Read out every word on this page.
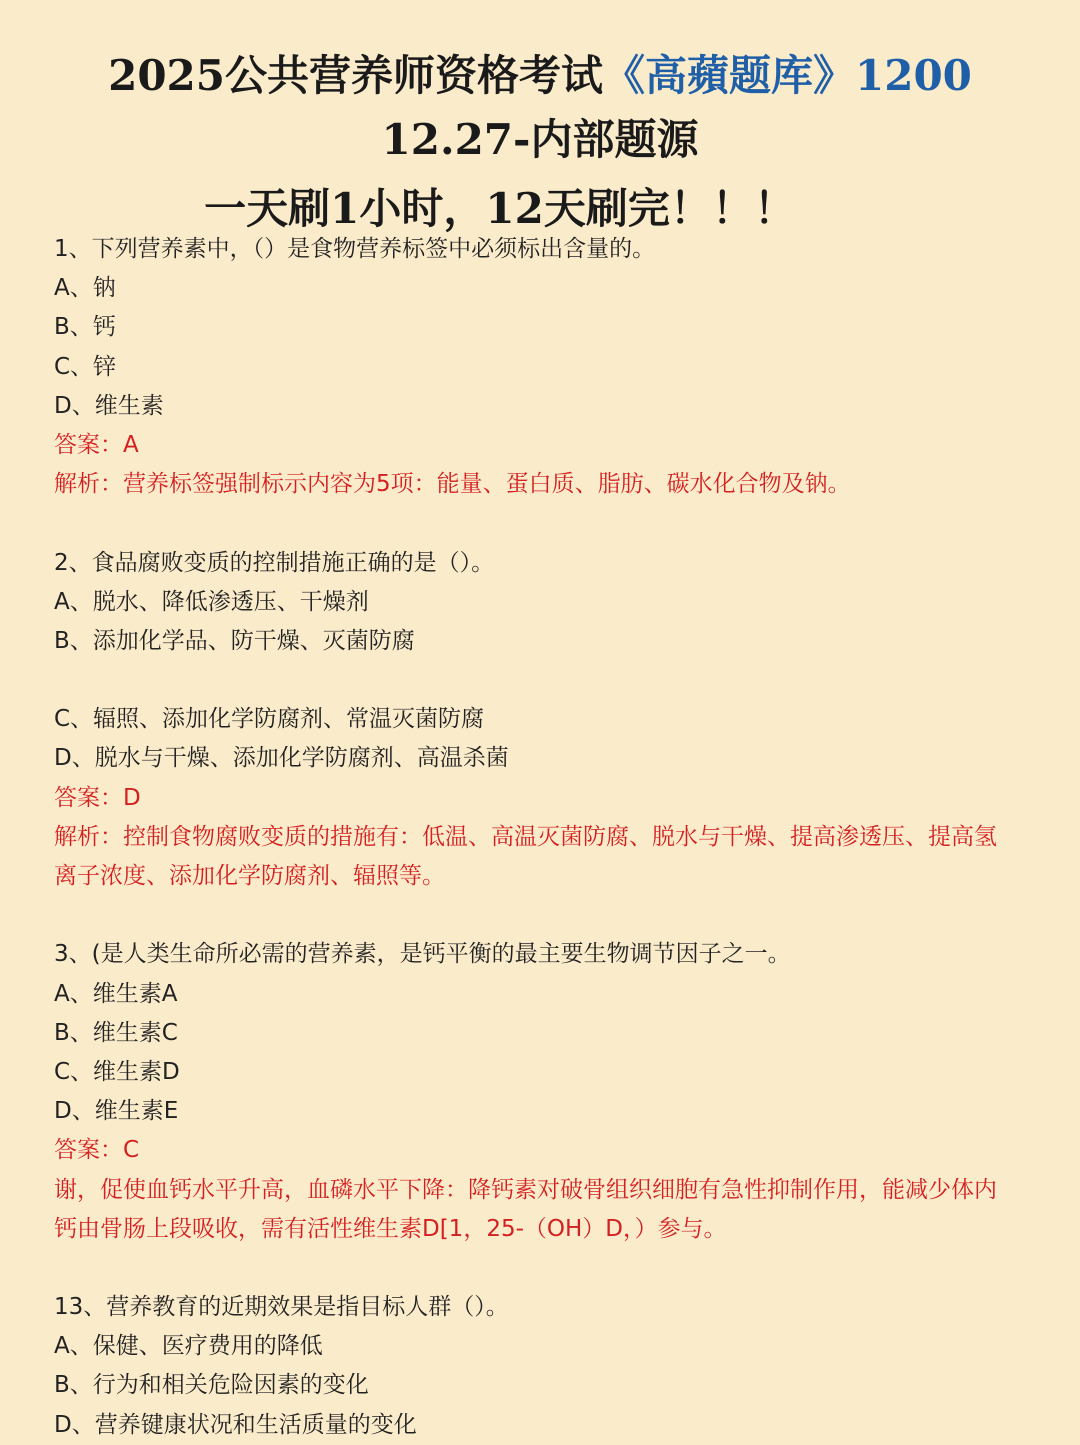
2025公共营养师资格考试《高蘋题库》1200
12.27-内部题源
一天刷1小时，12天刷完！！！
1、下列营养素中，（）是食物营养标签中必须标出含量的。
A、钠
B、钙
C、锌
D、维生素
答案：A
解析：营养标签强制标示内容为5项：能量、蛋白质、脂肪、碳水化合物及钠。
2、食品腐败变质的控制措施正确的是（）。
A、脱水、降低渗透压、干燥剂
B、添加化学品、防干燥、灭菌防腐
C、辐照、添加化学防腐剂、常温灭菌防腐
D、脱水与干燥、添加化学防腐剂、高温杀菌
答案：D
解析：控制食物腐败变质的措施有：低温、高温灭菌防腐、脱水与干燥、提高渗透压、提高氢
离子浓度、添加化学防腐剂、辐照等。
3、(是人类生命所必需的营养素，是钙平衡的最主要生物调节因子之一。
A、维生素A
B、维生素C
C、维生素D
D、维生素E
答案：C
谢，促使血钙水平升高，血磷水平下降：降钙素对破骨组织细胞有急性抑制作用，能减少体内
钙由骨肠上段吸收，需有活性维生素D[1，25-（OH）D，）参与。
13、营养教育的近期效果是指目标人群（）。
A、保健、医疗费用的降低
B、行为和相关危险因素的变化
D、营养键康状况和生活质量的变化
